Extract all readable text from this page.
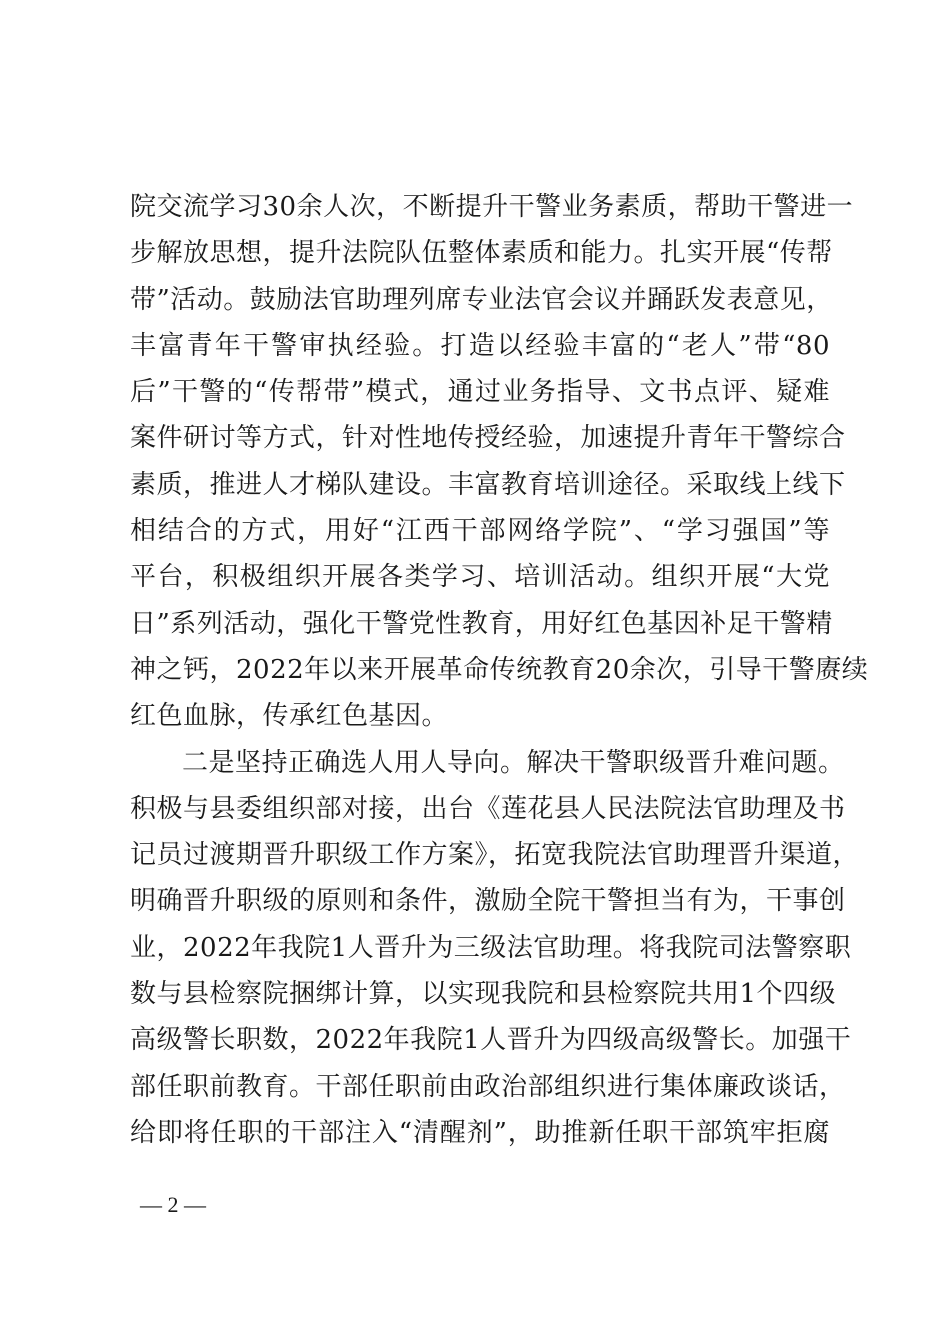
院交流学习30余人次，不断提升干警业务素质，帮助干警进一
步解放思想，提升法院队伍整体素质和能力。扎实开展“传帮
带”活动。鼓励法官助理列席专业法官会议并踊跃发表意见，
丰富青年干警审执经验。打造以经验丰富的“老人”带“80
后”干警的“传帮带”模式，通过业务指导、文书点评、疑难
案件研讨等方式，针对性地传授经验，加速提升青年干警综合
素质，推进人才梯队建设。丰富教育培训途径。采取线上线下
相结合的方式，用好“江西干部网络学院”、“学习强国”等
平台，积极组织开展各类学习、培训活动。组织开展“大党
日”系列活动，强化干警党性教育，用好红色基因补足干警精
神之钙，2022年以来开展革命传统教育20余次，引导干警赓续
红色血脉，传承红色基因。
二是坚持正确选人用人导向。解决干警职级晋升难问题。
积极与县委组织部对接，出台《莲花县人民法院法官助理及书
记员过渡期晋升职级工作方案》，拓宽我院法官助理晋升渠道，
明确晋升职级的原则和条件，激励全院干警担当有为，干事创
业，2022年我院1人晋升为三级法官助理。将我院司法警察职
数与县检察院捆绑计算，以实现我院和县检察院共用1个四级
高级警长职数，2022年我院1人晋升为四级高级警长。加强干
部任职前教育。干部任职前由政治部组织进行集体廉政谈话，
给即将任职的干部注入“清醒剂”，助推新任职干部筑牢拒腐
— 2 —
